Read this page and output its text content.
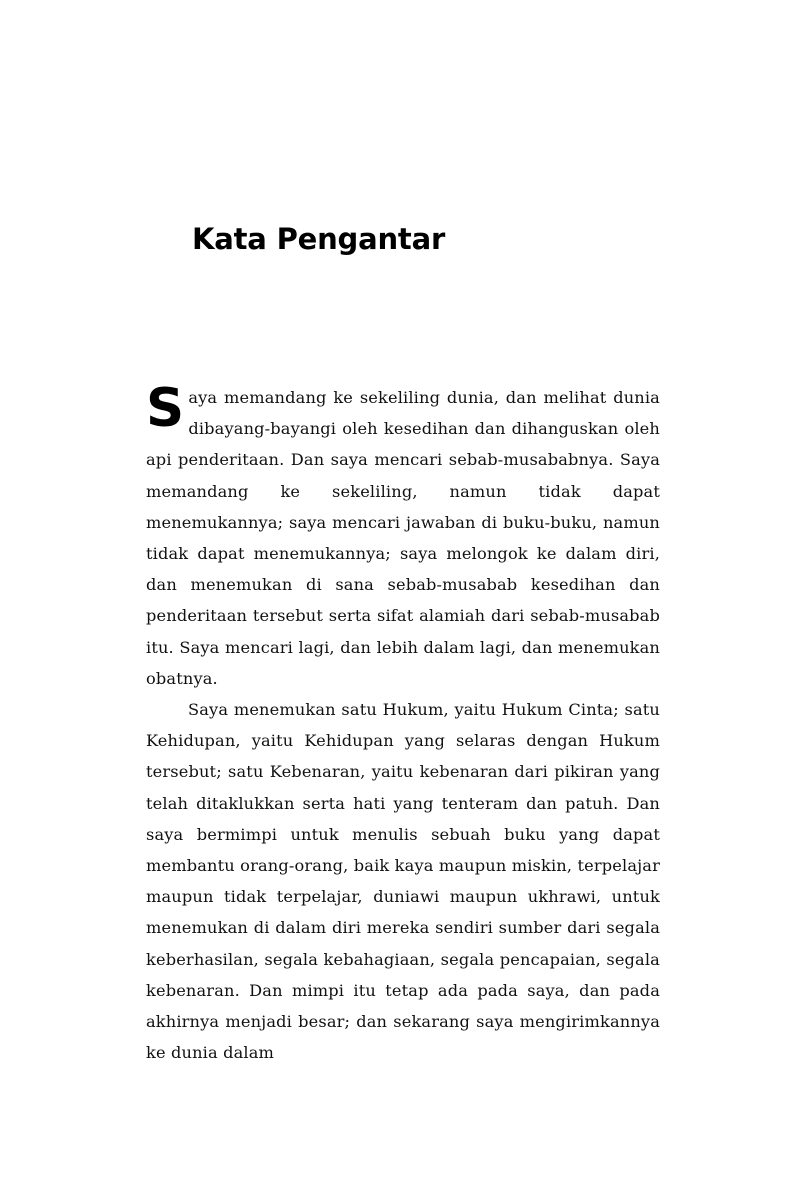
Kata Pengantar

Saya memandang ke sekeliling dunia, dan melihat dunia dibayang-bayangi oleh kesedihan dan dihanguskan oleh api penderitaan. Dan saya mencari sebab-musababnya. Saya memandang ke sekeliling, namun tidak dapat menemukannya; saya mencari jawaban di buku-buku, namun tidak dapat menemukannya; saya melongok ke dalam diri, dan menemukan di sana sebab-musabab kesedihan dan penderitaan tersebut serta sifat alamiah dari sebab-musabab itu. Saya mencari lagi, dan lebih dalam lagi, dan menemukan obatnya.

Saya menemukan satu Hukum, yaitu Hukum Cinta; satu Kehidupan, yaitu Kehidupan yang selaras dengan Hukum tersebut; satu Kebenaran, yaitu kebenaran dari pikiran yang telah ditaklukkan serta hati yang tenteram dan patuh. Dan saya bermimpi untuk menulis sebuah buku yang dapat membantu orang-orang, baik kaya maupun miskin, terpelajar maupun tidak terpelajar, duniawi maupun ukhrawi, untuk menemukan di dalam diri mereka sendiri sumber dari segala keberhasilan, segala kebahagiaan, segala pencapaian, segala kebenaran. Dan mimpi itu tetap ada pada saya, dan pada akhirnya menjadi besar; dan sekarang saya mengirimkannya ke dunia dalam
